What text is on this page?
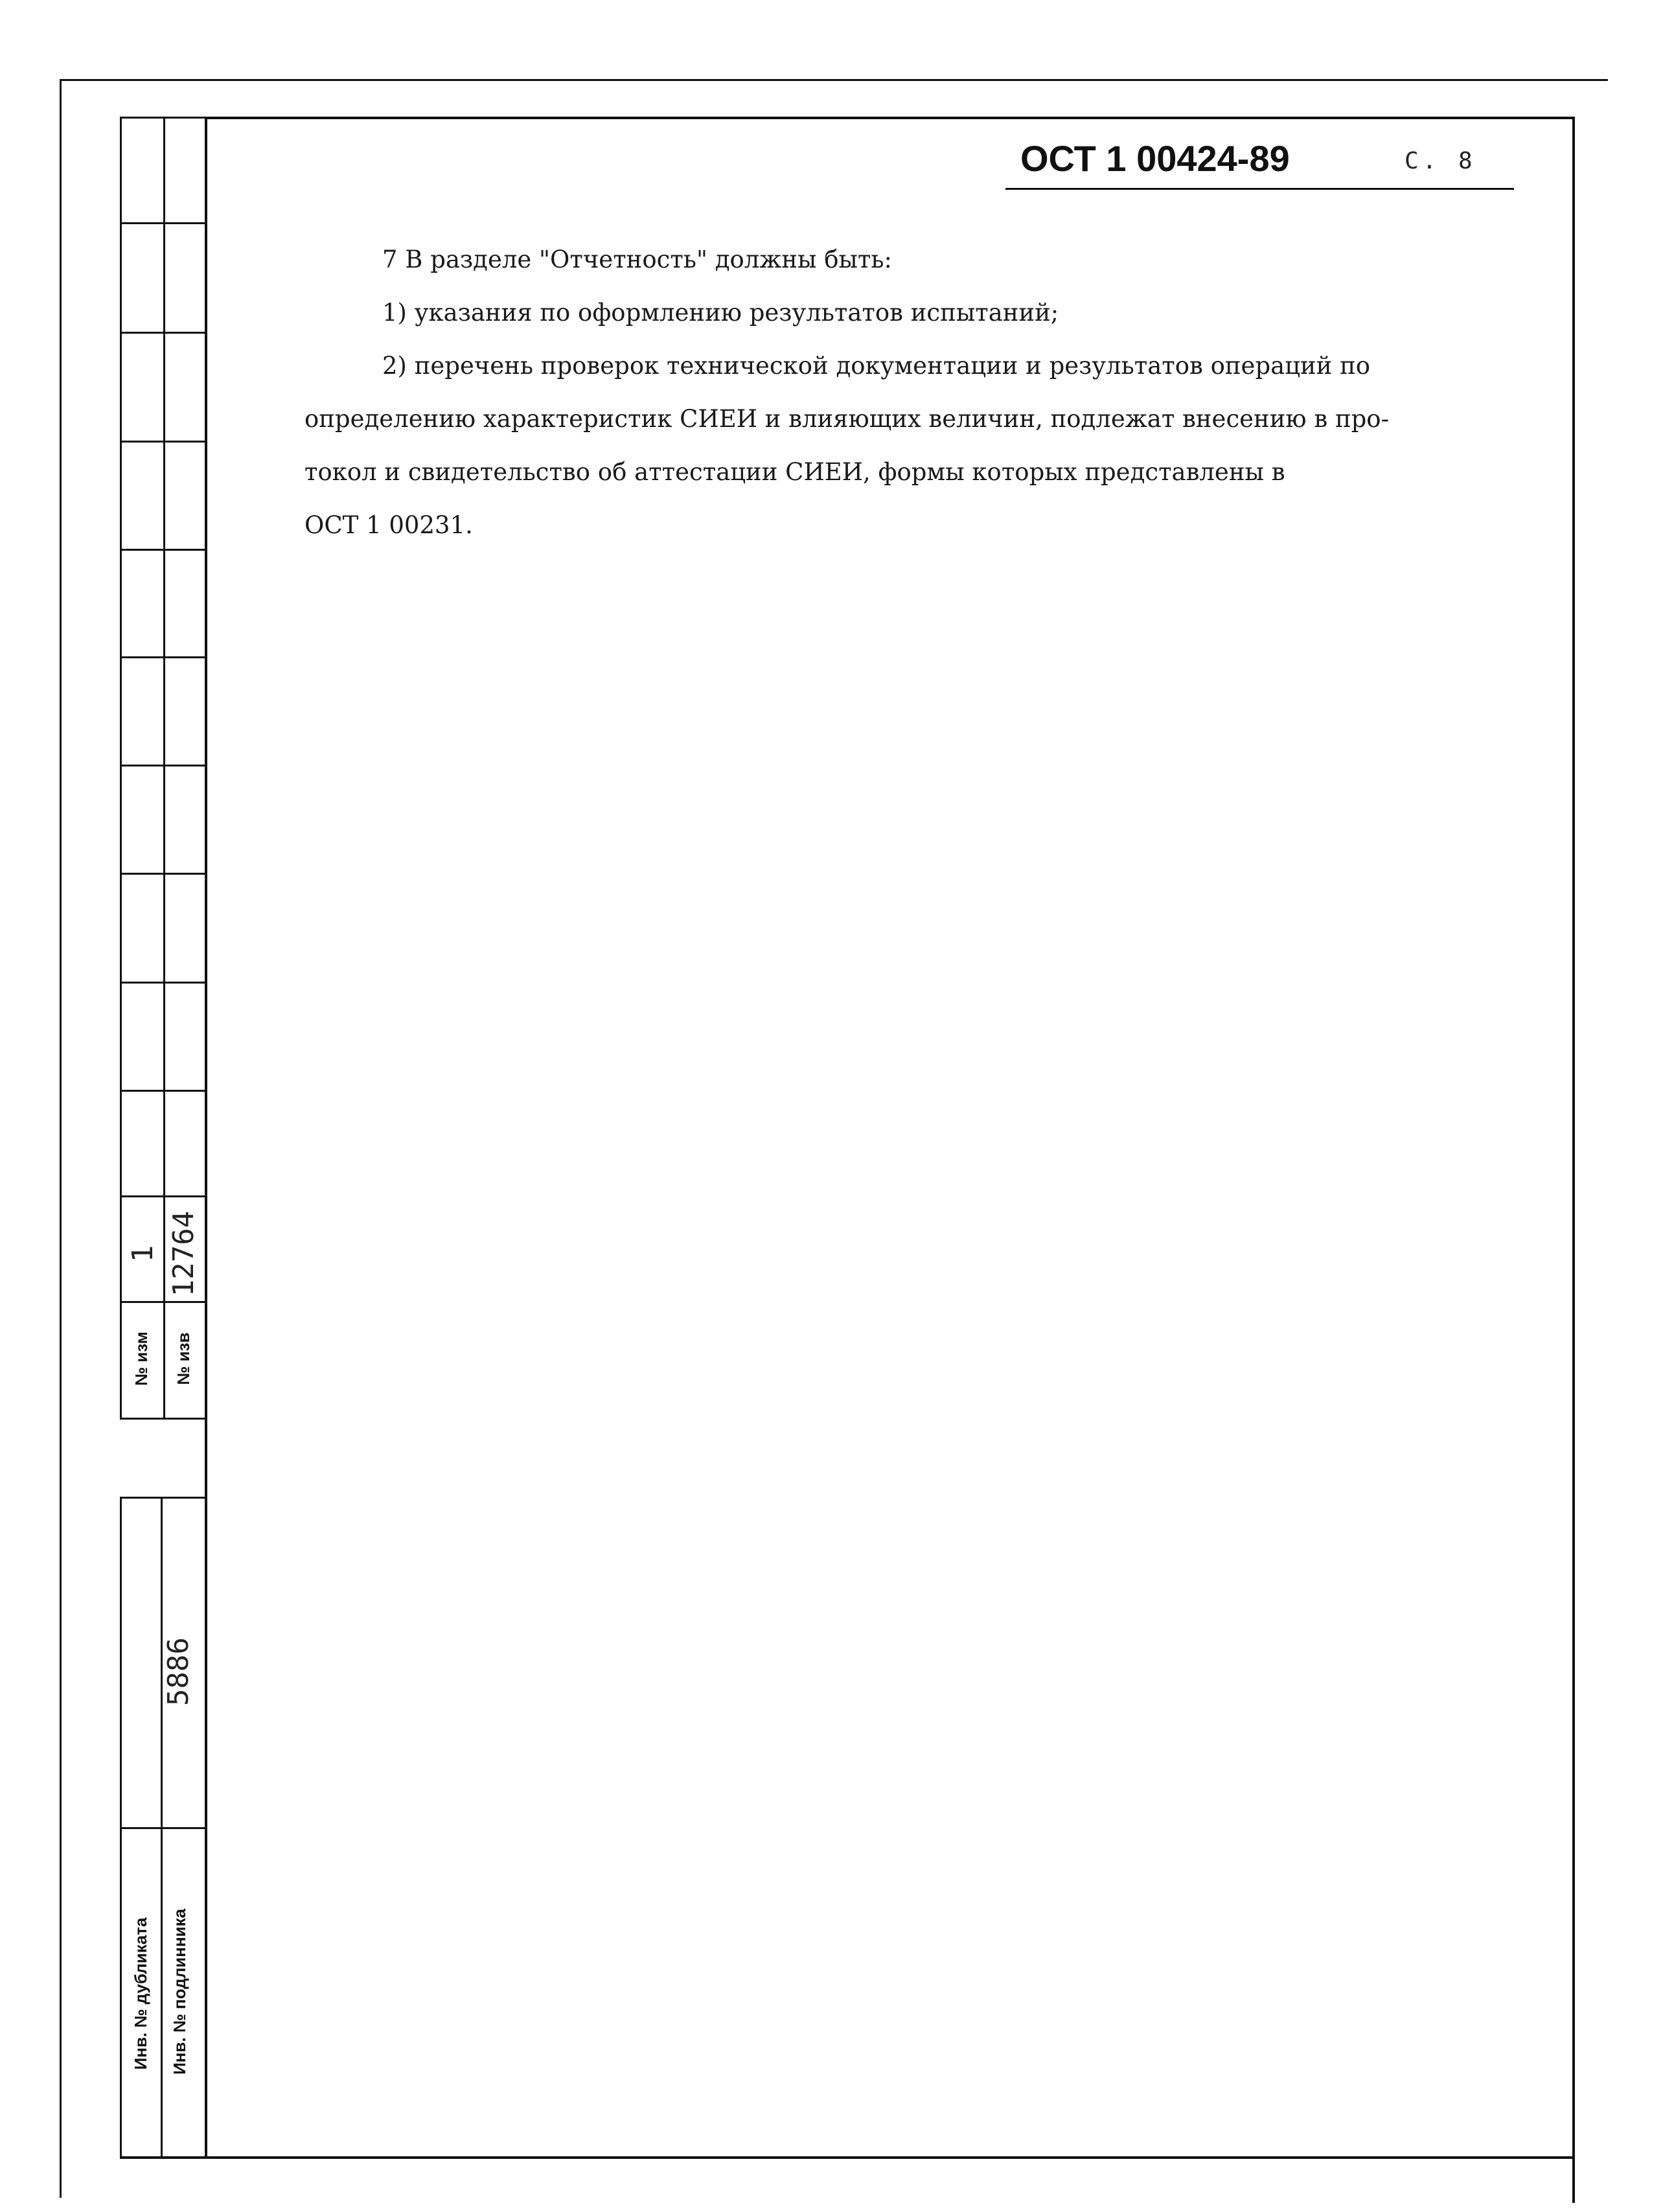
ОСТ 1 00424-89	С. 8
7 В разделе "Отчетность" должны быть:
1) указания по оформлению результатов испытаний;
2) перечень проверок технической документации и результатов операций по
определению характеристик СИЕИ и влияющих величин, подлежат внесению в про-
токол и свидетельство об аттестации СИЕИ, формы которых представлены в
ОСТ 1 00231.
1 12764
№ изм № изв
5886
Инв. № дубликата Инв. № подлинника
